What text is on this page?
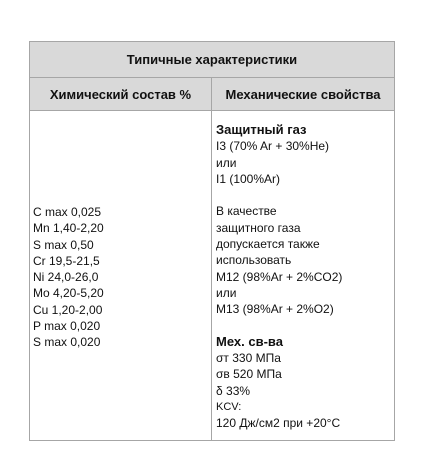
Типичные характеристики
Химический состав %	Механические свойства
C max 0,025
Mn 1,40-2,20
S max 0,50
Cr 19,5-21,5
Ni 24,0-26,0
Mo 4,20-5,20
Cu 1,20-2,00
P max 0,020
S max 0,020
Защитный газ
I3 (70% Ar + 30%He)
или
I1 (100%Ar)
В качестве
защитного газа
допускается также
использовать
M12 (98%Ar + 2%CO2)
или
M13 (98%Ar + 2%O2)
Мех. св-ва
σт 330 МПа
σв 520 МПа
δ 33%
KCV:
120 Дж/см2 при +20°C
